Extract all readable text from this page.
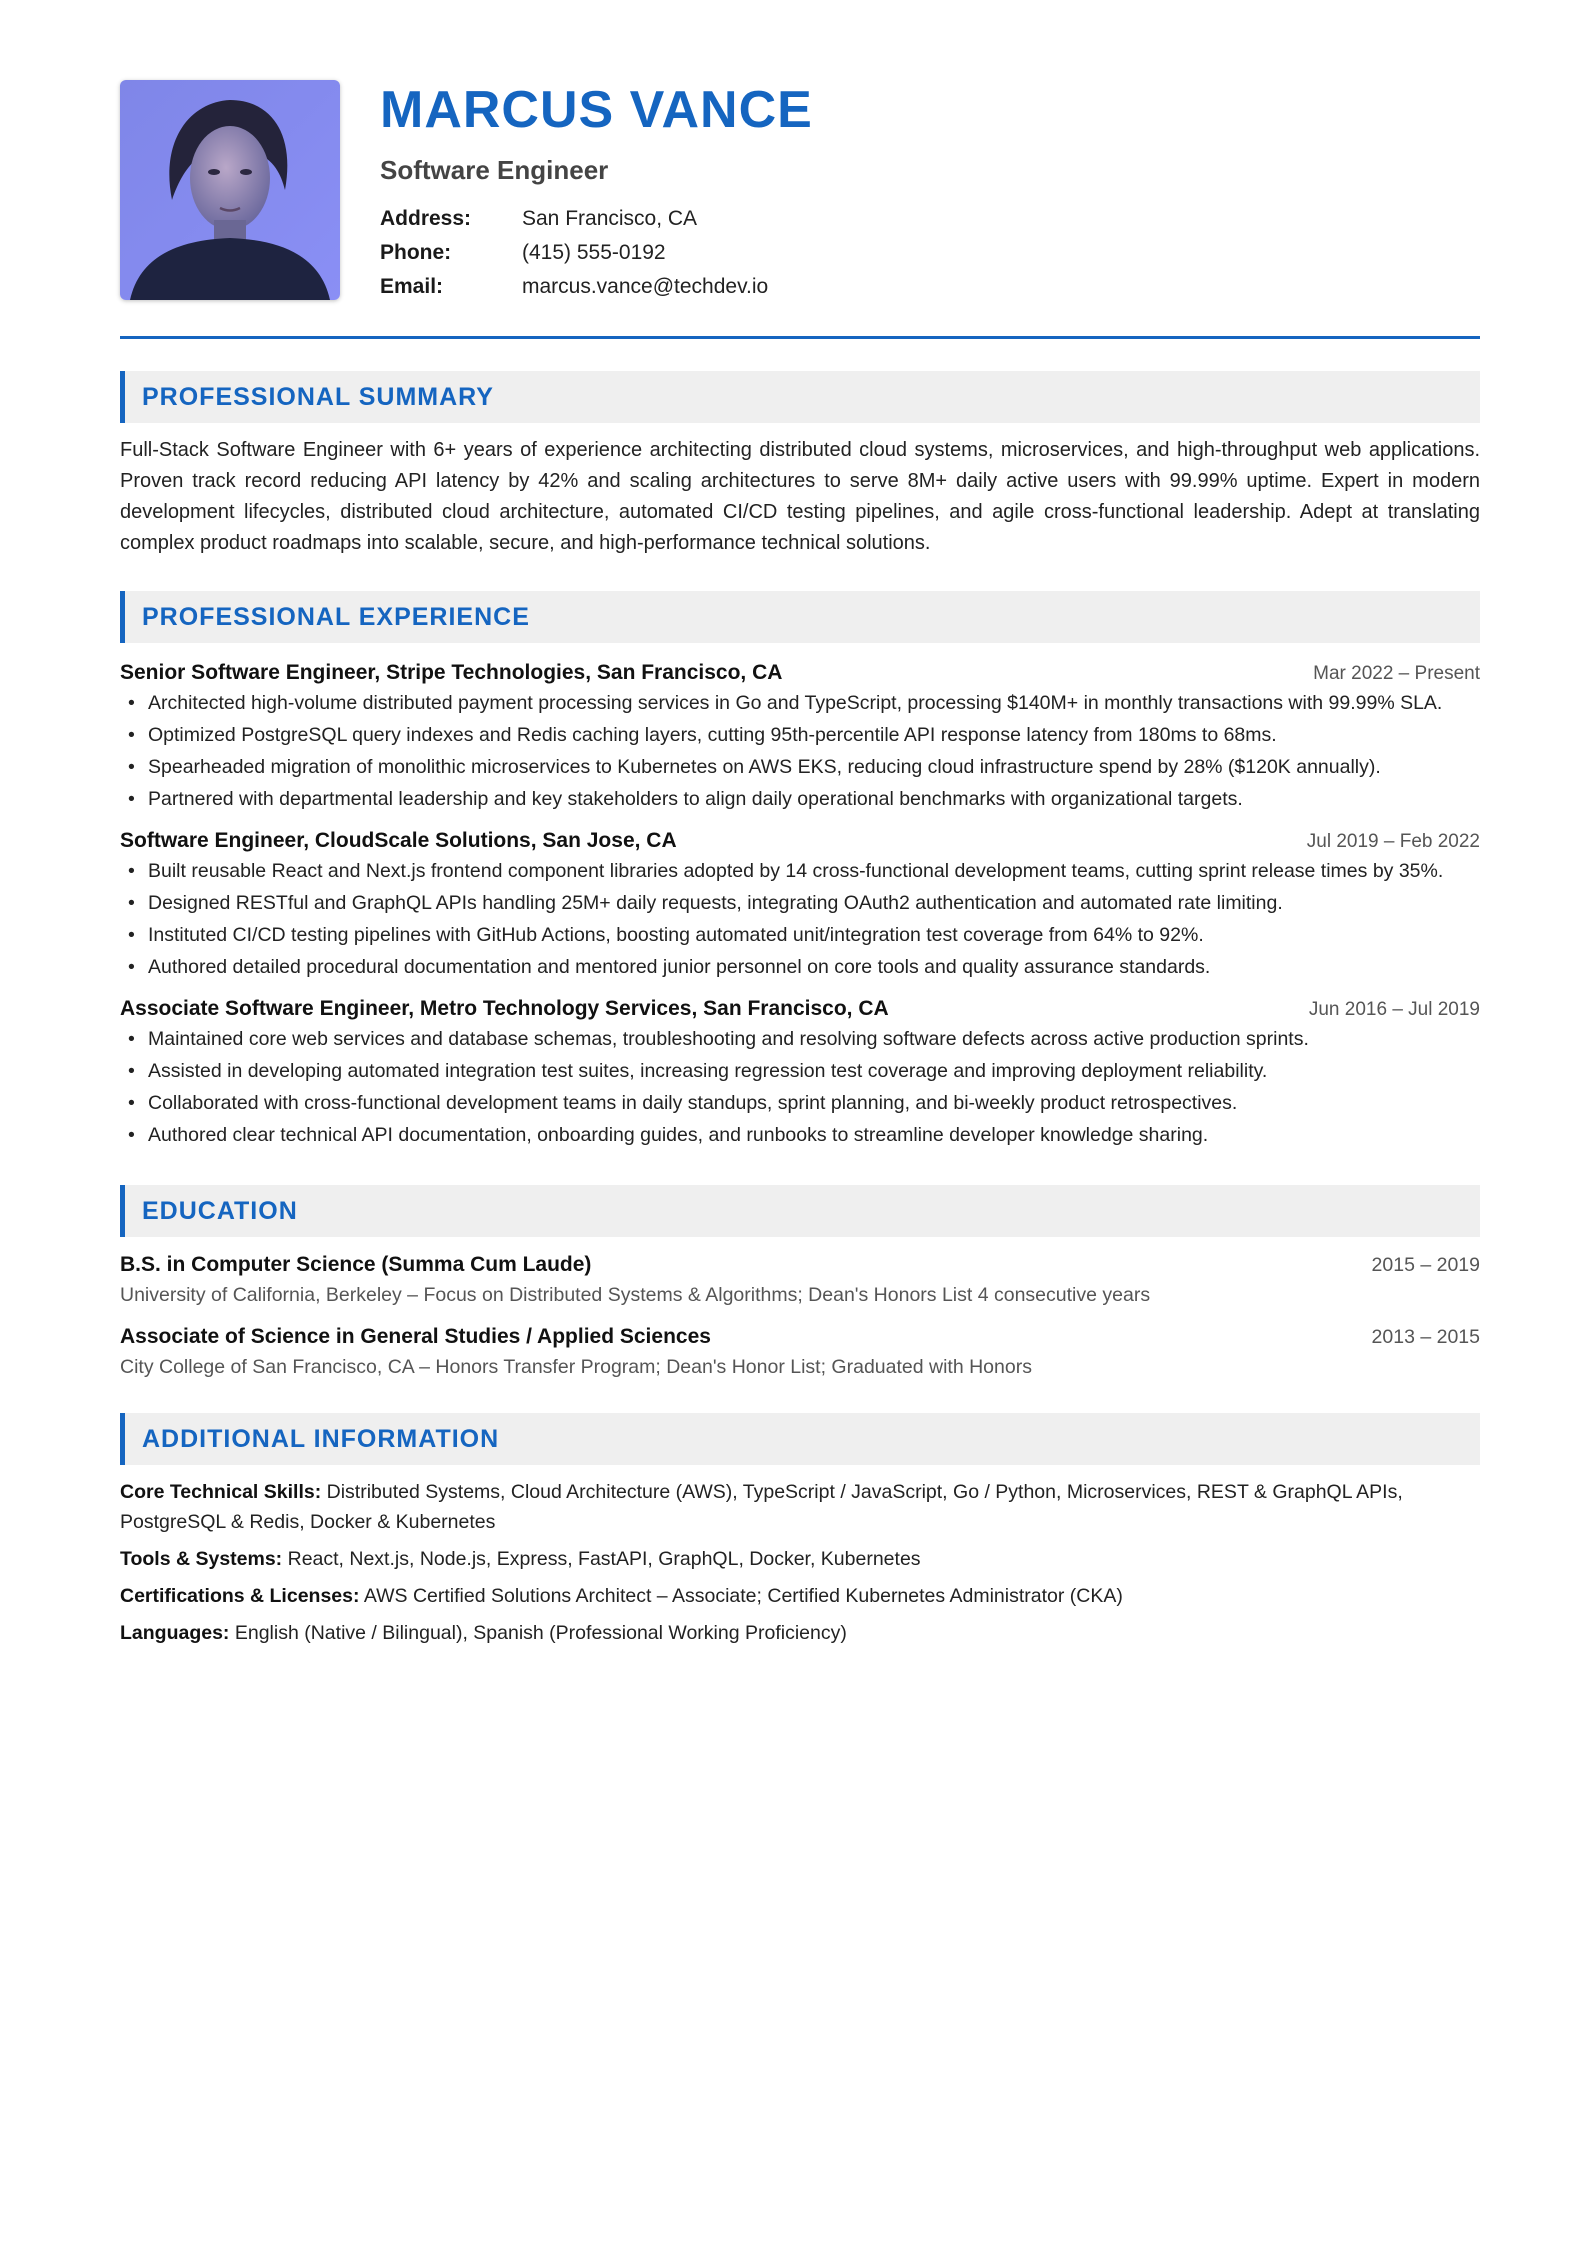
MARCUS VANCE
Software Engineer
Address:	San Francisco, CA
Phone:	(415) 555-0192
Email:	marcus.vance@techdev.io
PROFESSIONAL SUMMARY

Full-Stack Software Engineer with 6+ years of experience architecting distributed cloud systems, microservices, and high-throughput web applications. Proven track record reducing API latency by 42% and scaling architectures to serve 8M+ daily active users with 99.99% uptime. Expert in modern development lifecycles, distributed cloud architecture, automated CI/CD testing pipelines, and agile cross-functional leadership. Adept at translating complex product roadmaps into scalable, secure, and high-performance technical solutions.

PROFESSIONAL EXPERIENCE
Senior Software Engineer, Stripe Technologies, San Francisco, CA	Mar 2022 – Present
• Architected high-volume distributed payment processing services in Go and TypeScript, processing $140M+ in monthly transactions with 99.99% SLA.
• Optimized PostgreSQL query indexes and Redis caching layers, cutting 95th-percentile API response latency from 180ms to 68ms.
• Spearheaded migration of monolithic microservices to Kubernetes on AWS EKS, reducing cloud infrastructure spend by 28% ($120K annually).
• Partnered with departmental leadership and key stakeholders to align daily operational benchmarks with organizational targets.
Software Engineer, CloudScale Solutions, San Jose, CA	Jul 2019 – Feb 2022
• Built reusable React and Next.js frontend component libraries adopted by 14 cross-functional development teams, cutting sprint release times by 35%.
• Designed RESTful and GraphQL APIs handling 25M+ daily requests, integrating OAuth2 authentication and automated rate limiting.
• Instituted CI/CD testing pipelines with GitHub Actions, boosting automated unit/integration test coverage from 64% to 92%.
• Authored detailed procedural documentation and mentored junior personnel on core tools and quality assurance standards.
Associate Software Engineer, Metro Technology Services, San Francisco, CA	Jun 2016 – Jul 2019
• Maintained core web services and database schemas, troubleshooting and resolving software defects across active production sprints.
• Assisted in developing automated integration test suites, increasing regression test coverage and improving deployment reliability.
• Collaborated with cross-functional development teams in daily standups, sprint planning, and bi-weekly product retrospectives.
• Authored clear technical API documentation, onboarding guides, and runbooks to streamline developer knowledge sharing.
EDUCATION
B.S. in Computer Science (Summa Cum Laude)	2015 – 2019
University of California, Berkeley – Focus on Distributed Systems & Algorithms; Dean's Honors List 4 consecutive years
Associate of Science in General Studies / Applied Sciences	2013 – 2015
City College of San Francisco, CA – Honors Transfer Program; Dean's Honor List; Graduated with Honors
ADDITIONAL INFORMATION
Core Technical Skills: Distributed Systems, Cloud Architecture (AWS), TypeScript / JavaScript, Go / Python, Microservices, REST & GraphQL APIs, PostgreSQL & Redis, Docker & Kubernetes
Tools & Systems: React, Next.js, Node.js, Express, FastAPI, GraphQL, Docker, Kubernetes
Certifications & Licenses: AWS Certified Solutions Architect – Associate; Certified Kubernetes Administrator (CKA)
Languages: English (Native / Bilingual), Spanish (Professional Working Proficiency)
